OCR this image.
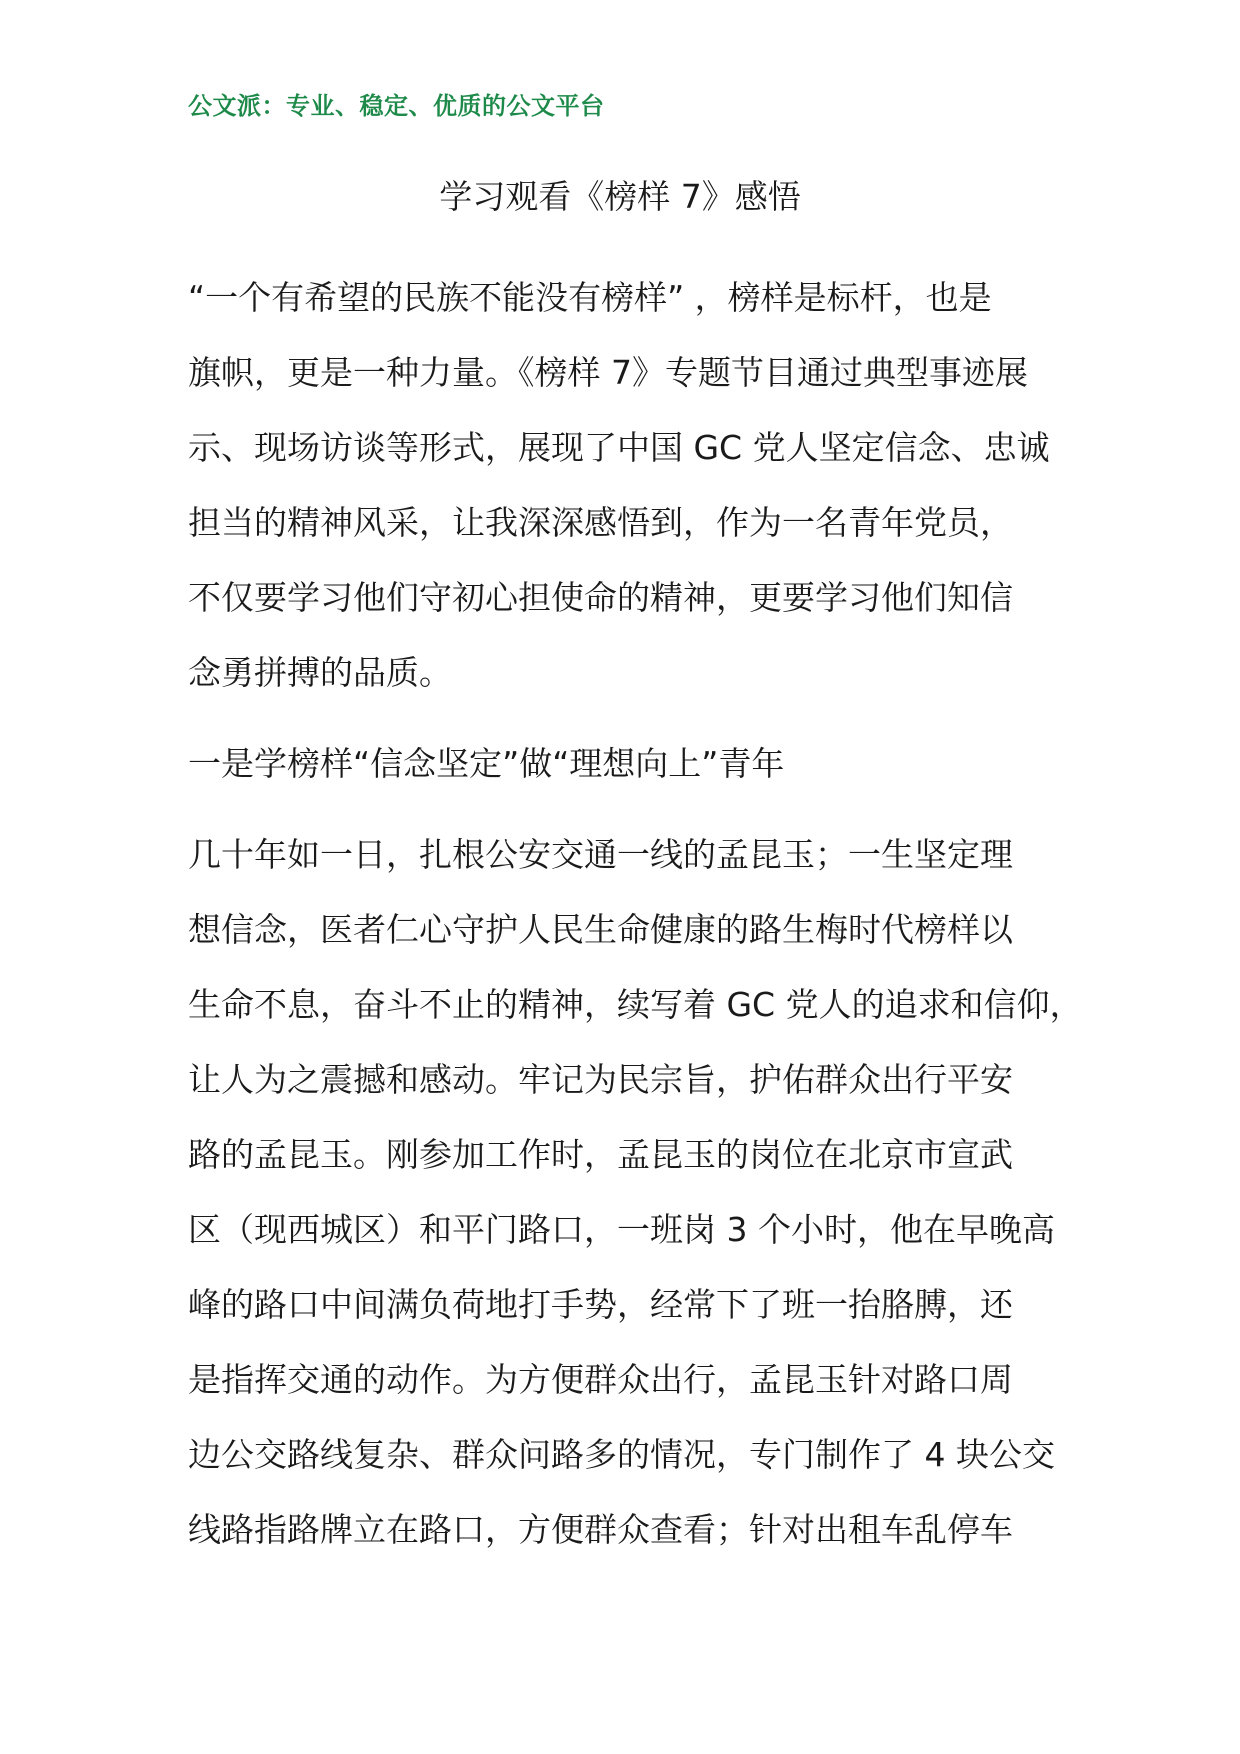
公文派：专业、稳定、优质的公文平台
学习观看《榜样 7》感悟

“一个有希望的民族不能没有榜样” ，榜样是标杆，也是
旗帜，更是一种力量。《榜样 7》专题节目通过典型事迹展
示、现场访谈等形式，展现了中国 GC 党人坚定信念、忠诚
担当的精神风采，让我深深感悟到，作为一名青年党员，
不仅要学习他们守初心担使命的精神，更要学习他们知信
念勇拼搏的品质。

一是学榜样“信念坚定”做“理想向上”青年

几十年如一日，扎根公安交通一线的孟昆玉；一生坚定理
想信念，医者仁心守护人民生命健康的路生梅时代榜样以
生命不息，奋斗不止的精神，续写着 GC 党人的追求和信仰，
让人为之震撼和感动。牢记为民宗旨，护佑群众出行平安
路的孟昆玉。刚参加工作时，孟昆玉的岗位在北京市宣武
区（现西城区）和平门路口，一班岗 3 个小时，他在早晚高
峰的路口中间满负荷地打手势，经常下了班一抬胳膊，还
是指挥交通的动作。为方便群众出行，孟昆玉针对路口周
边公交路线复杂、群众问路多的情况，专门制作了 4 块公交
线路指路牌立在路口，方便群众查看；针对出租车乱停车
